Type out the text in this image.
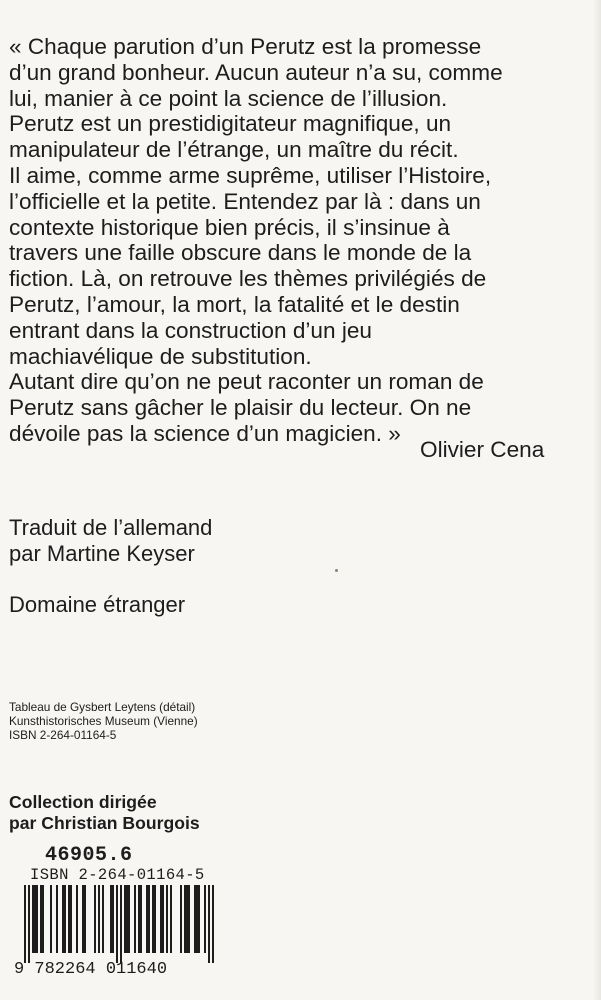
« Chaque parution d’un Perutz est la promesse
d’un grand bonheur. Aucun auteur n’a su, comme
lui, manier à ce point la science de l’illusion.
Perutz est un prestidigitateur magnifique, un
manipulateur de l’étrange, un maître du récit.
Il aime, comme arme suprême, utiliser l’Histoire,
l’officielle et la petite. Entendez par là : dans un
contexte historique bien précis, il s’insinue à
travers une faille obscure dans le monde de la
fiction. Là, on retrouve les thèmes privilégiés de
Perutz, l’amour, la mort, la fatalité et le destin
entrant dans la construction d’un jeu
machiavélique de substitution.
Autant dire qu’on ne peut raconter un roman de
Perutz sans gâcher le plaisir du lecteur. On ne
dévoile pas la science d’un magicien. »
Olivier Cena
Traduit de l’allemand
par Martine Keyser
Domaine étranger
Tableau de Gysbert Leytens (détail)
Kunsthistorisches Museum (Vienne)
ISBN 2-264-01164-5
Collection dirigée
par Christian Bourgois
46905.6
ISBN 2-264-01164-5
9 782264 011640
